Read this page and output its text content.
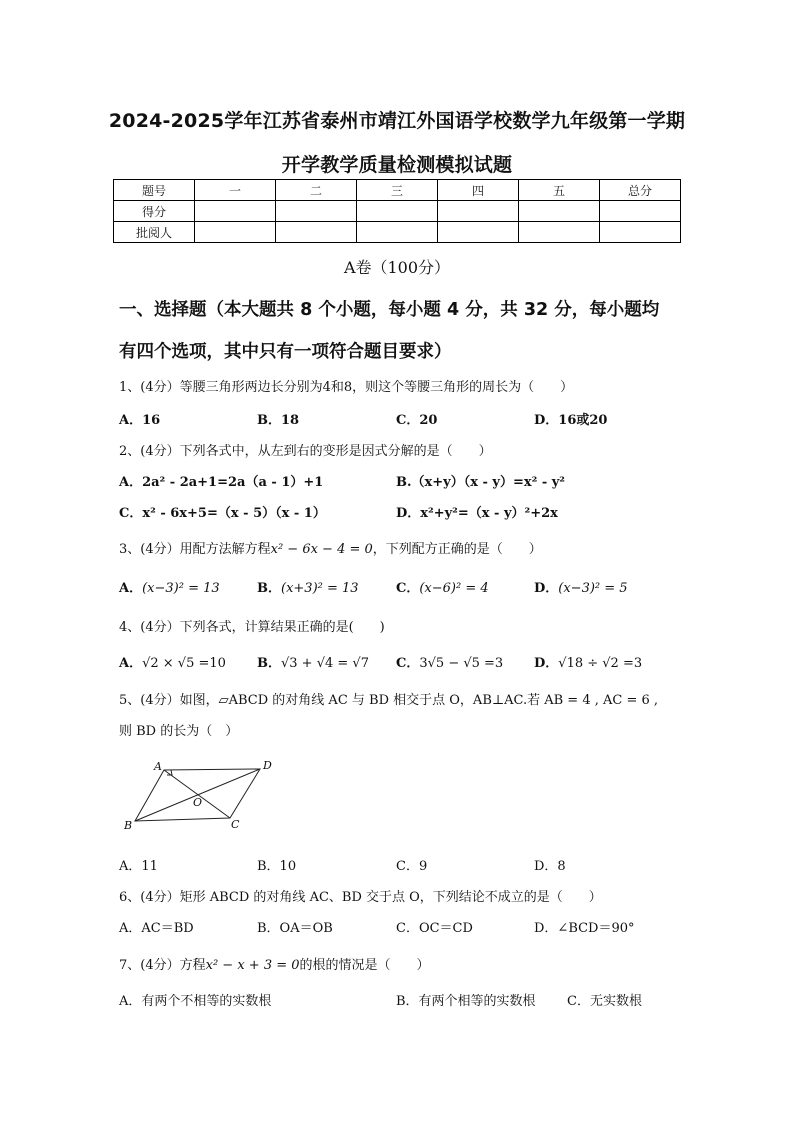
2024-2025学年江苏省泰州市靖江外国语学校数学九年级第一学期
开学教学质量检测模拟试题
题号	一	二	三	四	五	总分
得分						
批阅人						
A卷（100分）
一、选择题（本大题共 8 个小题，每小题 4 分，共 32 分，每小题均
有四个选项，其中只有一项符合题目要求）
1、(4分）等腰三角形两边长分别为4和8，则这个等腰三角形的周长为（　　）
A．16	B．18	C．20	D．16或20
2、(4分）下列各式中，从左到右的变形是因式分解的是（　　）
A．2a² - 2a+1=2a（a - 1）+1	B.（x+y）（x - y）=x² - y²
C．x² - 6x+5=（x - 5）（x - 1）	D．x²+y²=（x - y）²+2x
3、(4分）用配方法解方程x² − 6x − 4 = 0，下列配方正确的是（　　）
A．(x−3)² = 13	B．(x+3)² = 13	C．(x−6)² = 4	D．(x−3)² = 5
4、(4分）下列各式，计算结果正确的是(　　)
A．√2 × √5 =10 B．√3 + √4 = √7 C．3√5 − √5 =3 D．√18 ÷ √2 =3
5、(4分）如图，▱ABCD 的对角线 AC 与 BD 相交于点 O，AB⊥AC.若 AB = 4 , AC = 6 ,
则 BD 的长为（　）
A	D
O
B	C
A．11	B．10	C．9	D．8
6、(4分）矩形 ABCD 的对角线 AC、BD 交于点 O，下列结论不成立的是（　　）
A．AC＝BD	B．OA＝OB	C．OC＝CD	D．∠BCD＝90°
7、(4分）方程x² − x + 3 = 0的根的情况是（　　）
A．有两个不相等的实数根	B．有两个相等的实数根 C．无实数根
